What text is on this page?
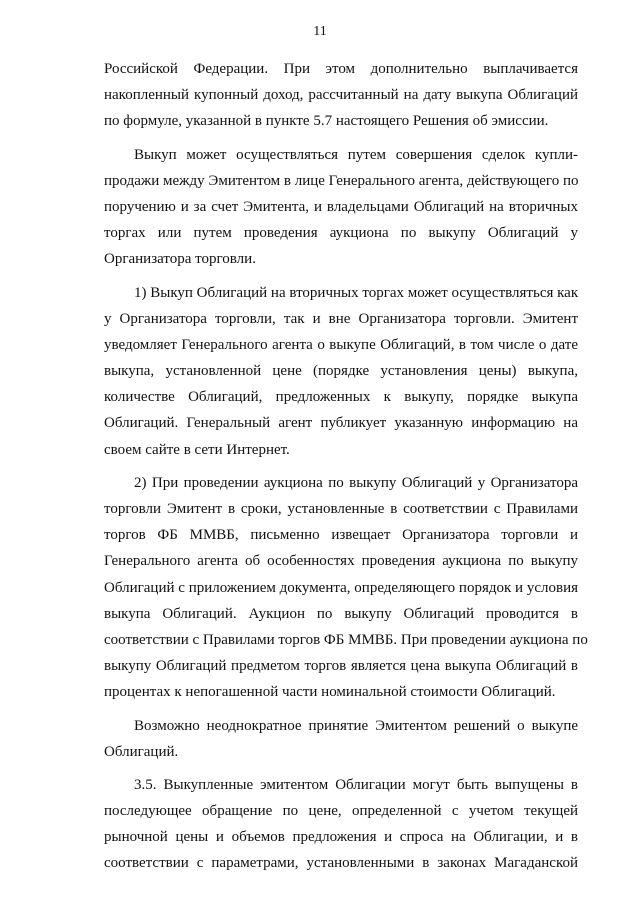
11
Российской Федерации. При этом дополнительно выплачивается
накопленный купонный доход, рассчитанный на дату выкупа Облигаций
по формуле, указанной в пункте 5.7 настоящего Решения об эмиссии.
Выкуп может осуществляться путем совершения сделок купли-
продажи между Эмитентом в лице Генерального агента, действующего по
поручению и за счет Эмитента, и владельцами Облигаций на вторичных
торгах или путем проведения аукциона по выкупу Облигаций у
Организатора торговли.
1) Выкуп Облигаций на вторичных торгах может осуществляться как
у Организатора торговли, так и вне Организатора торговли. Эмитент
уведомляет Генерального агента о выкупе Облигаций, в том числе о дате
выкупа, установленной цене (порядке установления цены) выкупа,
количестве Облигаций, предложенных к выкупу, порядке выкупа
Облигаций. Генеральный агент публикует указанную информацию на
своем сайте в сети Интернет.
2) При проведении аукциона по выкупу Облигаций у Организатора
торговли Эмитент в сроки, установленные в соответствии с Правилами
торгов ФБ ММВБ, письменно извещает Организатора торговли и
Генерального агента об особенностях проведения аукциона по выкупу
Облигаций с приложением документа, определяющего порядок и условия
выкупа Облигаций. Аукцион по выкупу Облигаций проводится в
соответствии с Правилами торгов ФБ ММВБ. При проведении аукциона по
выкупу Облигаций предметом торгов является цена выкупа Облигаций в
процентах к непогашенной части номинальной стоимости Облигаций.
Возможно неоднократное принятие Эмитентом решений о выкупе
Облигаций.
3.5. Выкупленные эмитентом Облигации могут быть выпущены в
последующее обращение по цене, определенной с учетом текущей
рыночной цены и объемов предложения и спроса на Облигации, и в
соответствии с параметрами, установленными в законах Магаданской
